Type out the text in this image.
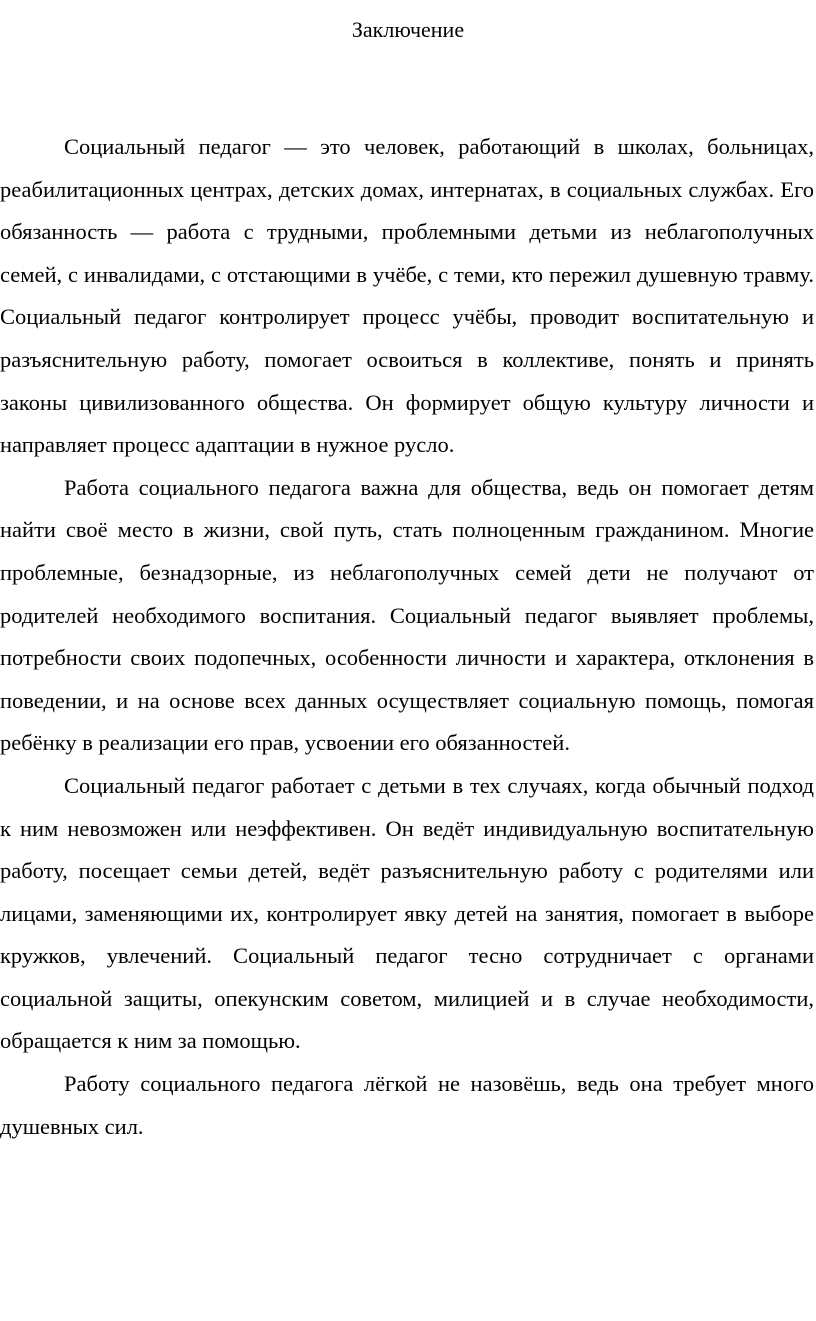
Заключение

Социальный педагог — это человек, работающий в школах, больницах, реабилитационных центрах, детских домах, интернатах, в социальных службах. Его обязанность — работа с трудными, проблемными детьми из неблагополучных семей, с инвалидами, с отстающими в учёбе, с теми, кто пережил душевную травму. Социальный педагог контролирует процесс учёбы, проводит воспитательную и разъяснительную работу, помогает освоиться в коллективе, понять и принять законы цивилизованного общества. Он формирует общую культуру личности и направляет процесс адаптации в нужное русло.

Работа социального педагога важна для общества, ведь он помогает детям найти своё место в жизни, свой путь, стать полноценным гражданином. Многие проблемные, безнадзорные, из неблагополучных семей дети не получают от родителей необходимого воспитания. Социальный педагог выявляет проблемы, потребности своих подопечных, особенности личности и характера, отклонения в поведении, и на основе всех данных осуществляет социальную помощь, помогая ребёнку в реализации его прав, усвоении его обязанностей.

Социальный педагог работает с детьми в тех случаях, когда обычный подход к ним невозможен или неэффективен. Он ведёт индивидуальную воспитательную работу, посещает семьи детей, ведёт разъяснительную работу с родителями или лицами, заменяющими их, контролирует явку детей на занятия, помогает в выборе кружков, увлечений. Социальный педагог тесно сотрудничает с органами социальной защиты, опекунским советом, милицией и в случае необходимости, обращается к ним за помощью.

Работу социального педагога лёгкой не назовёшь, ведь она требует много душевных сил.
